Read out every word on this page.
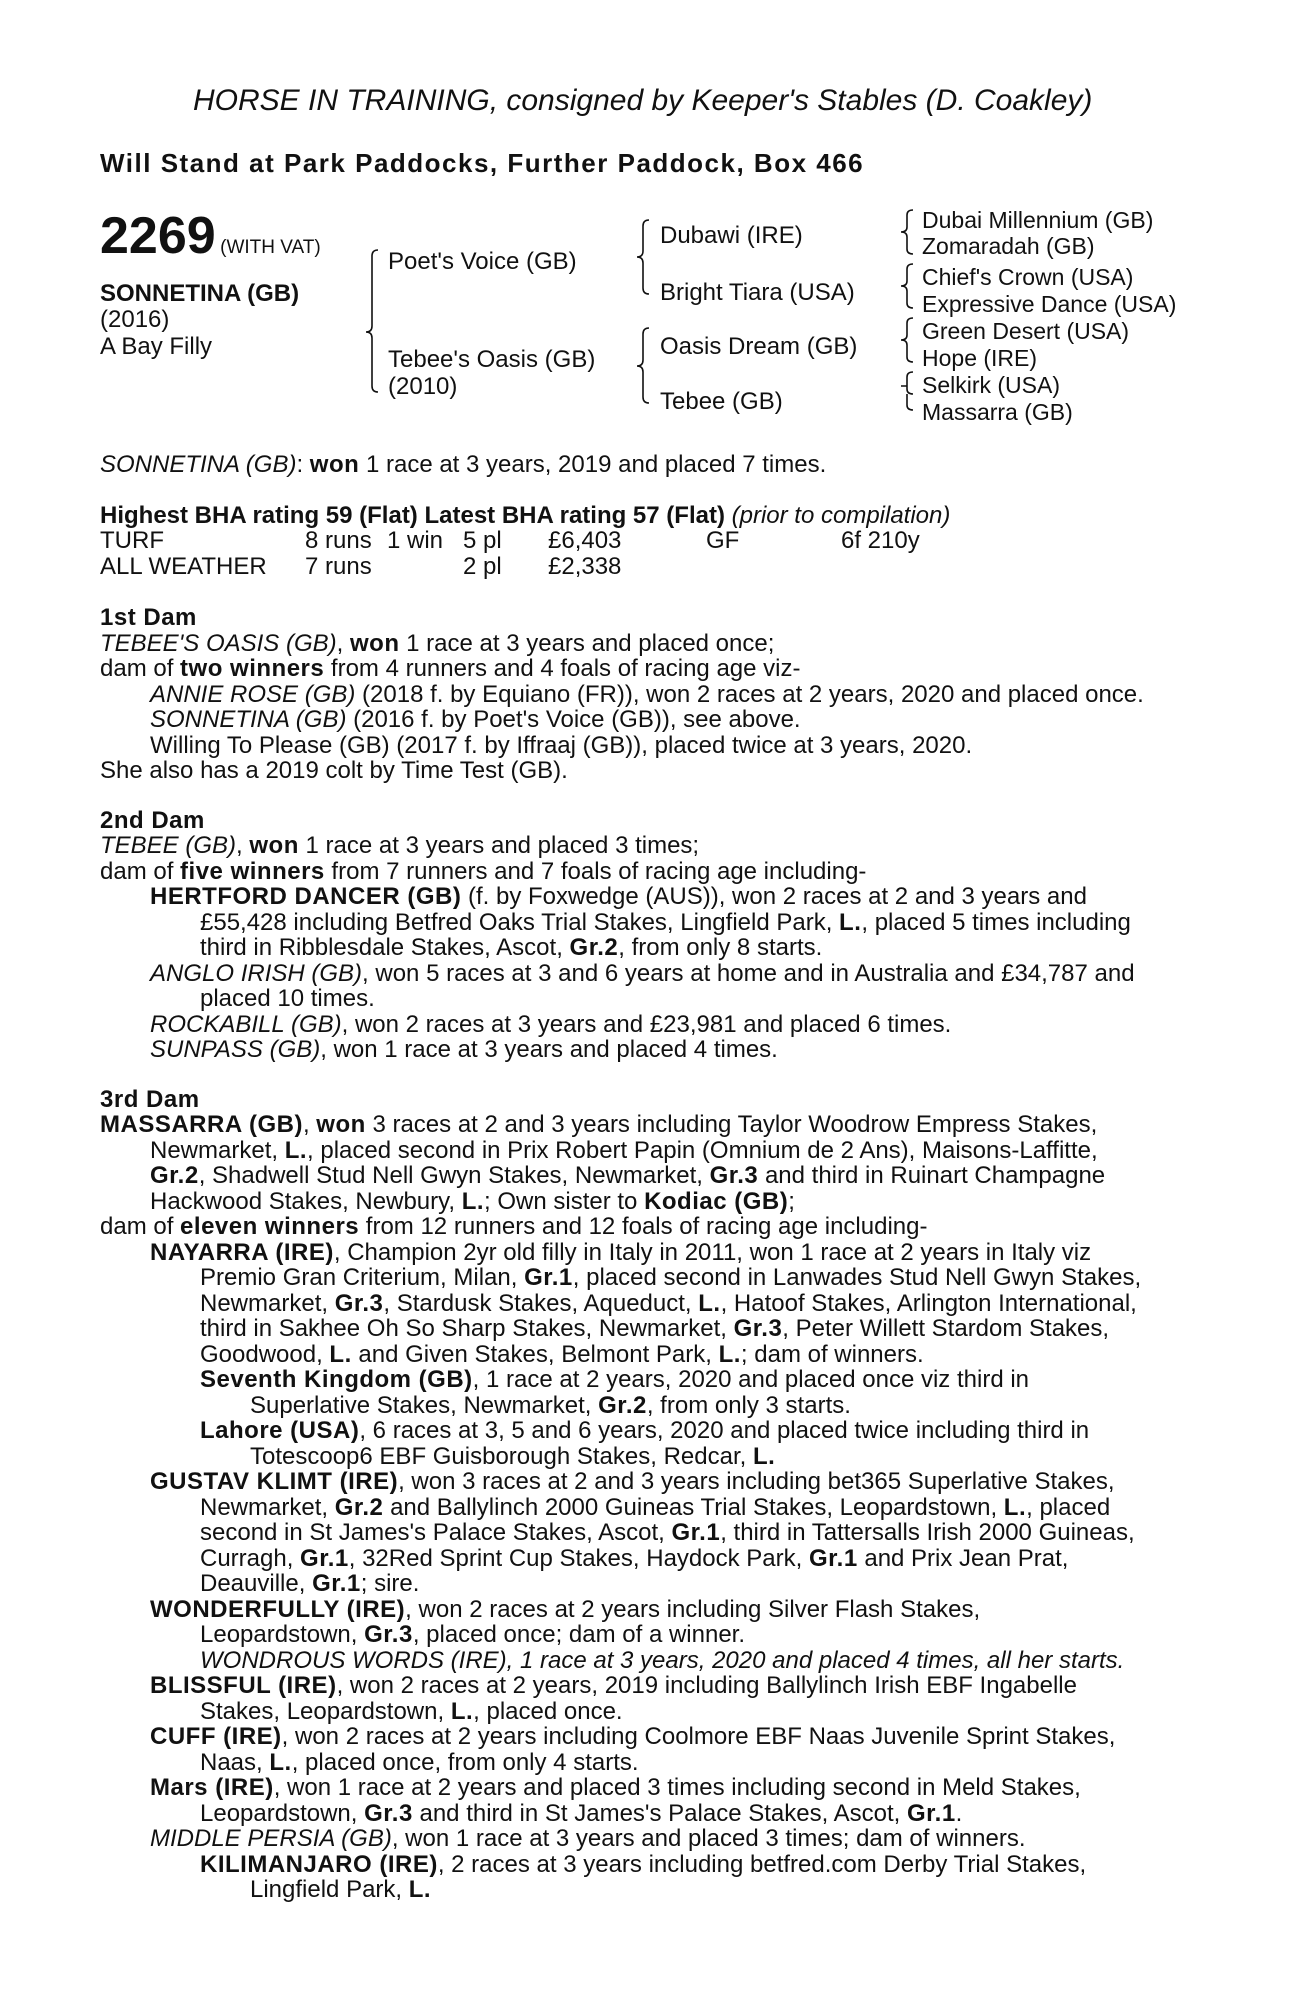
HORSE IN TRAINING, consigned by Keeper's Stables (D. Coakley)
Will Stand at Park Paddocks, Further Paddock, Box 466
2269 (WITH VAT)
SONNETINA (GB)
(2016)
A Bay Filly
Poet's Voice (GB)
Tebee's Oasis (GB)
(2010)
Dubawi (IRE)
Bright Tiara (USA)
Oasis Dream (GB)
Tebee (GB)
Dubai Millennium (GB)
Zomaradah (GB)
Chief's Crown (USA)
Expressive Dance (USA)
Green Desert (USA)
Hope (IRE)
Selkirk (USA)
Massarra (GB)
SONNETINA (GB): won 1 race at 3 years, 2019 and placed 7 times.
Highest BHA rating 59 (Flat) Latest BHA rating 57 (Flat) (prior to compilation)
TURF	8 runs 1 win 5 pl £6,403	GF	6f 210y
ALL WEATHER 7 runs	2 pl £2,338
1st Dam
TEBEE'S OASIS (GB), won 1 race at 3 years and placed once;
dam of two winners from 4 runners and 4 foals of racing age viz-
ANNIE ROSE (GB) (2018 f. by Equiano (FR)), won 2 races at 2 years, 2020 and placed once.
SONNETINA (GB) (2016 f. by Poet's Voice (GB)), see above.
Willing To Please (GB) (2017 f. by Iffraaj (GB)), placed twice at 3 years, 2020.
She also has a 2019 colt by Time Test (GB).
2nd Dam
TEBEE (GB), won 1 race at 3 years and placed 3 times;
dam of five winners from 7 runners and 7 foals of racing age including-
HERTFORD DANCER (GB) (f. by Foxwedge (AUS)), won 2 races at 2 and 3 years and
£55,428 including Betfred Oaks Trial Stakes, Lingfield Park, L., placed 5 times including
third in Ribblesdale Stakes, Ascot, Gr.2, from only 8 starts.
ANGLO IRISH (GB), won 5 races at 3 and 6 years at home and in Australia and £34,787 and
placed 10 times.
ROCKABILL (GB), won 2 races at 3 years and £23,981 and placed 6 times.
SUNPASS (GB), won 1 race at 3 years and placed 4 times.
3rd Dam
MASSARRA (GB), won 3 races at 2 and 3 years including Taylor Woodrow Empress Stakes,
Newmarket, L., placed second in Prix Robert Papin (Omnium de 2 Ans), Maisons-Laffitte,
Gr.2, Shadwell Stud Nell Gwyn Stakes, Newmarket, Gr.3 and third in Ruinart Champagne
Hackwood Stakes, Newbury, L.; Own sister to Kodiac (GB);
dam of eleven winners from 12 runners and 12 foals of racing age including-
NAYARRA (IRE), Champion 2yr old filly in Italy in 2011, won 1 race at 2 years in Italy viz
Premio Gran Criterium, Milan, Gr.1, placed second in Lanwades Stud Nell Gwyn Stakes,
Newmarket, Gr.3, Stardusk Stakes, Aqueduct, L., Hatoof Stakes, Arlington International,
third in Sakhee Oh So Sharp Stakes, Newmarket, Gr.3, Peter Willett Stardom Stakes,
Goodwood, L. and Given Stakes, Belmont Park, L.; dam of winners.
Seventh Kingdom (GB), 1 race at 2 years, 2020 and placed once viz third in
Superlative Stakes, Newmarket, Gr.2, from only 3 starts.
Lahore (USA), 6 races at 3, 5 and 6 years, 2020 and placed twice including third in
Totescoop6 EBF Guisborough Stakes, Redcar, L.
GUSTAV KLIMT (IRE), won 3 races at 2 and 3 years including bet365 Superlative Stakes,
Newmarket, Gr.2 and Ballylinch 2000 Guineas Trial Stakes, Leopardstown, L., placed
second in St James's Palace Stakes, Ascot, Gr.1, third in Tattersalls Irish 2000 Guineas,
Curragh, Gr.1, 32Red Sprint Cup Stakes, Haydock Park, Gr.1 and Prix Jean Prat,
Deauville, Gr.1; sire.
WONDERFULLY (IRE), won 2 races at 2 years including Silver Flash Stakes,
Leopardstown, Gr.3, placed once; dam of a winner.
WONDROUS WORDS (IRE), 1 race at 3 years, 2020 and placed 4 times, all her starts.
BLISSFUL (IRE), won 2 races at 2 years, 2019 including Ballylinch Irish EBF Ingabelle
Stakes, Leopardstown, L., placed once.
CUFF (IRE), won 2 races at 2 years including Coolmore EBF Naas Juvenile Sprint Stakes,
Naas, L., placed once, from only 4 starts.
Mars (IRE), won 1 race at 2 years and placed 3 times including second in Meld Stakes,
Leopardstown, Gr.3 and third in St James's Palace Stakes, Ascot, Gr.1.
MIDDLE PERSIA (GB), won 1 race at 3 years and placed 3 times; dam of winners.
KILIMANJARO (IRE), 2 races at 3 years including betfred.com Derby Trial Stakes,
Lingfield Park, L.
